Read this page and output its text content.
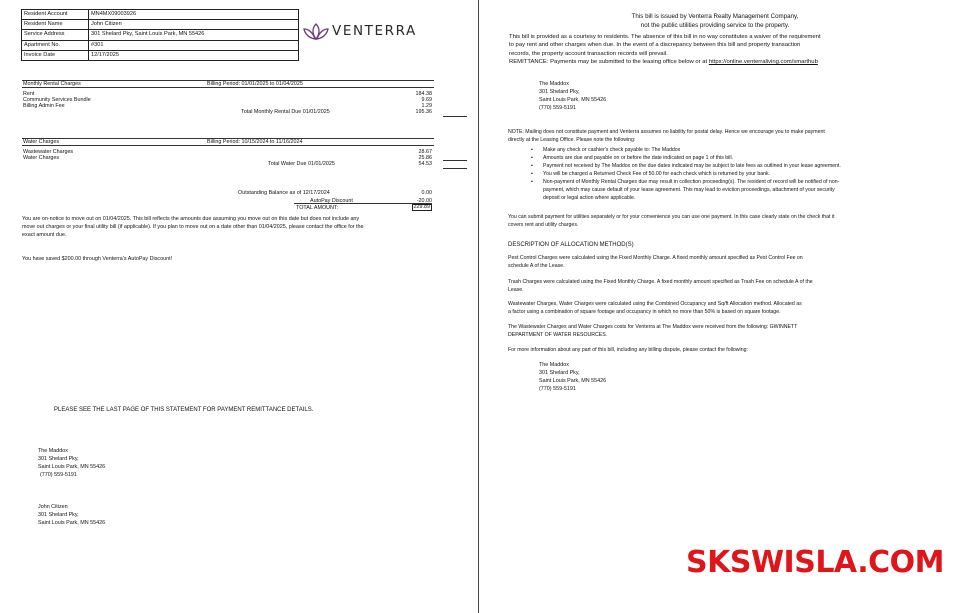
Resident Account	MN4MX09003926
Resident Name	John Citizen
Service Address	301 Shelard Pky, Saint Louis Park, MN 55426
Apartment No.	#301
Invoice Date	12/17/2025
VENTERRA
Monthly Rental Charges	Billing Period: 01/01/2025 to 01/04/2025
Rent	184.38
Community Services Bundle	9.69
Billing Admin Fee	1.29
Total Monthly Rental Due 01/01/2025	195.36
Water Charges	Billing Period: 10/15/2024 to 11/16/2024
Wastewater Charges	28.67
Water Charges	25.86
Total Water Due 01/01/2025	54.53
Outstanding Balance as of 12/17/2024	0.00
AutoPay Discount	-20.00
TOTAL AMOUNT:	229.89
You are on-notice to move out on 01/04/2025. This bill reflects the amounts due assuming you move out on this date but does not include any
move out charges or your final utility bill (if applicable). If you plan to move out on a date other than 01/04/2025, please contact the office for the
exact amount due.
You have saved $200.00 through Venterra's AutoPay Discount!
PLEASE SEE THE LAST PAGE OF THIS STATEMENT FOR PAYMENT REMITTANCE DETAILS.
The Maddox
301 Shelard Pky,
Saint Louis Park, MN 55426
(770) 559-5191
John Citizen
301 Shelard Pky,
Saint Louis Park, MN 55426
This bill is issued by Venterra Realty Management Company,
not the public utilities providing service to the property.
This bill is provided as a courtesy to residents. The absence of this bill in no way constitutes a waiver of the requirement
to pay rent and other charges when due. In the event of a discrepancy between this bill and property transaction
records, the property account transaction records will prevail.
REMITTANCE: Payments may be submitted to the leasing office below or at https://online.venterraliving.com/smarthub
The Maddox
301 Shelard Pky,
Saint Louis Park, MN 55426
(770) 559-5191
NOTE: Mailing does not constitute payment and Venterra assumes no liability for postal delay. Hence we encourage you to make payment
directly at the Leasing Office. Please note the following:
▪ Make any check or cashier's check payable to: The Maddox
▪ Amounts are due and payable on or before the date indicated on page 1 of this bill.
▪ Payment not received by The Maddox on the due dates indicated may be subject to late fees as outlined in your lease agreement.
▪ You will be charged a Returned Check Fee of 50.00 for each check which is returned by your bank.
▪ Non-payment of Monthly Rental Charges due may result in collection proceeding(s). The resident of record will be notified of non-
payment, which may cause default of your lease agreement. This may lead to eviction proceedings, attachment of your security
deposit or legal action where applicable.
You can submit payment for utilities separately or for your convenience you can use one payment. In this case clearly state on the check that it
covers rent and utility charges.
DESCRIPTION OF ALLOCATION METHOD(S)
Pest Control Charges were calculated using the Fixed Monthly Charge. A fixed monthly amount specified as Pest Control Fee on
schedule A of the Lease.
Trash Charges were calculated using the Fixed Monthly Charge. A fixed monthly amount specified as Trash Fee on schedule A of the
Lease.
Wastewater Charges, Water Charges were calculated using the Combined Occupancy and Sq/ft Allocation method. Allocated as
a factor using a combination of square footage and occupancy in which no more than 50% is based on square footage.
The Wastewater Charges and Water Charges costs for Venterra at The Maddox were received from the following: GWINNETT
DEPARTMENT OF WATER RESOURCES.
For more information about any part of this bill, including any billing dispute, please contact the following:
The Maddox
301 Shelard Pky,
Saint Louis Park, MN 55426
(770) 559-5191
SKSWISLA.COM
